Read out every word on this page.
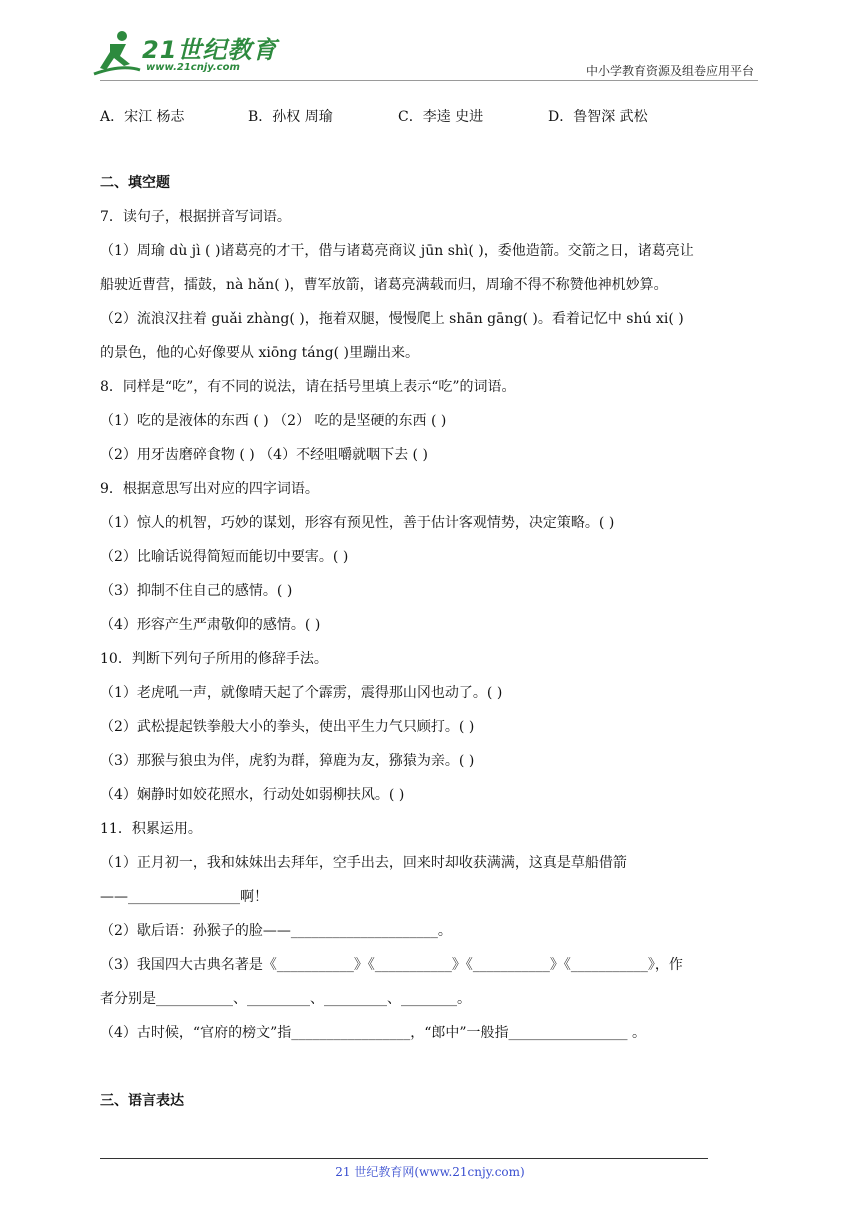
21世纪教育
www.21cnjy.com	中小学教育资源及组卷应用平台
A．宋江 杨志	B．孙权 周瑜	C．李逵 史进	D．鲁智深 武松
二、填空题
7．读句子，根据拼音写词语。
（1）周瑜 dù jì ( )诸葛亮的才干，借与诸葛亮商议 jūn shì( )，委他造箭。交箭之日，诸葛亮让
船驶近曹营，擂鼓，nà hǎn( )，曹军放箭，诸葛亮满载而归，周瑜不得不称赞他神机妙算。
（2）流浪汉拄着 guǎi zhàng( )，拖着双腿，慢慢爬上 shān gāng( )。看着记忆中 shú xi( )
的景色，他的心好像要从 xiōng táng( )里蹦出来。
8．同样是“吃”，有不同的说法，请在括号里填上表示“吃”的词语。
（1）吃的是液体的东西 ( ) （2） 吃的是坚硬的东西 ( )
（2）用牙齿磨碎食物 ( ) （4）不经咀嚼就咽下去 ( )
9．根据意思写出对应的四字词语。
（1）惊人的机智，巧妙的谋划，形容有预见性，善于估计客观情势，决定策略。( )
（2）比喻话说得简短而能切中要害。( )
（3）抑制不住自己的感情。( )
（4）形容产生严肃敬仰的感情。( )
10．判断下列句子所用的修辞手法。
（1）老虎吼一声，就像晴天起了个霹雳，震得那山冈也动了。( )
（2）武松提起铁拳般大小的拳头，使出平生力气只顾打。( )
（3）那猴与狼虫为伴，虎豹为群，獐鹿为友，猕猿为亲。( )
（4）娴静时如姣花照水，行动处如弱柳扶风。( )
11．积累运用。
（1）正月初一，我和妹妹出去拜年，空手出去，回来时却收获满满，这真是草船借箭
——________________啊！
（2）歇后语：孙猴子的脸——_____________________。
（3）我国四大古典名著是《___________》《___________》《___________》《___________》，作
者分别是___________、_________、_________、________。
（4）古时候，“官府的榜文”指_________________，“郎中”一般指_________________ 。
三、语言表达
21 世纪教育网(www.21cnjy.com)
